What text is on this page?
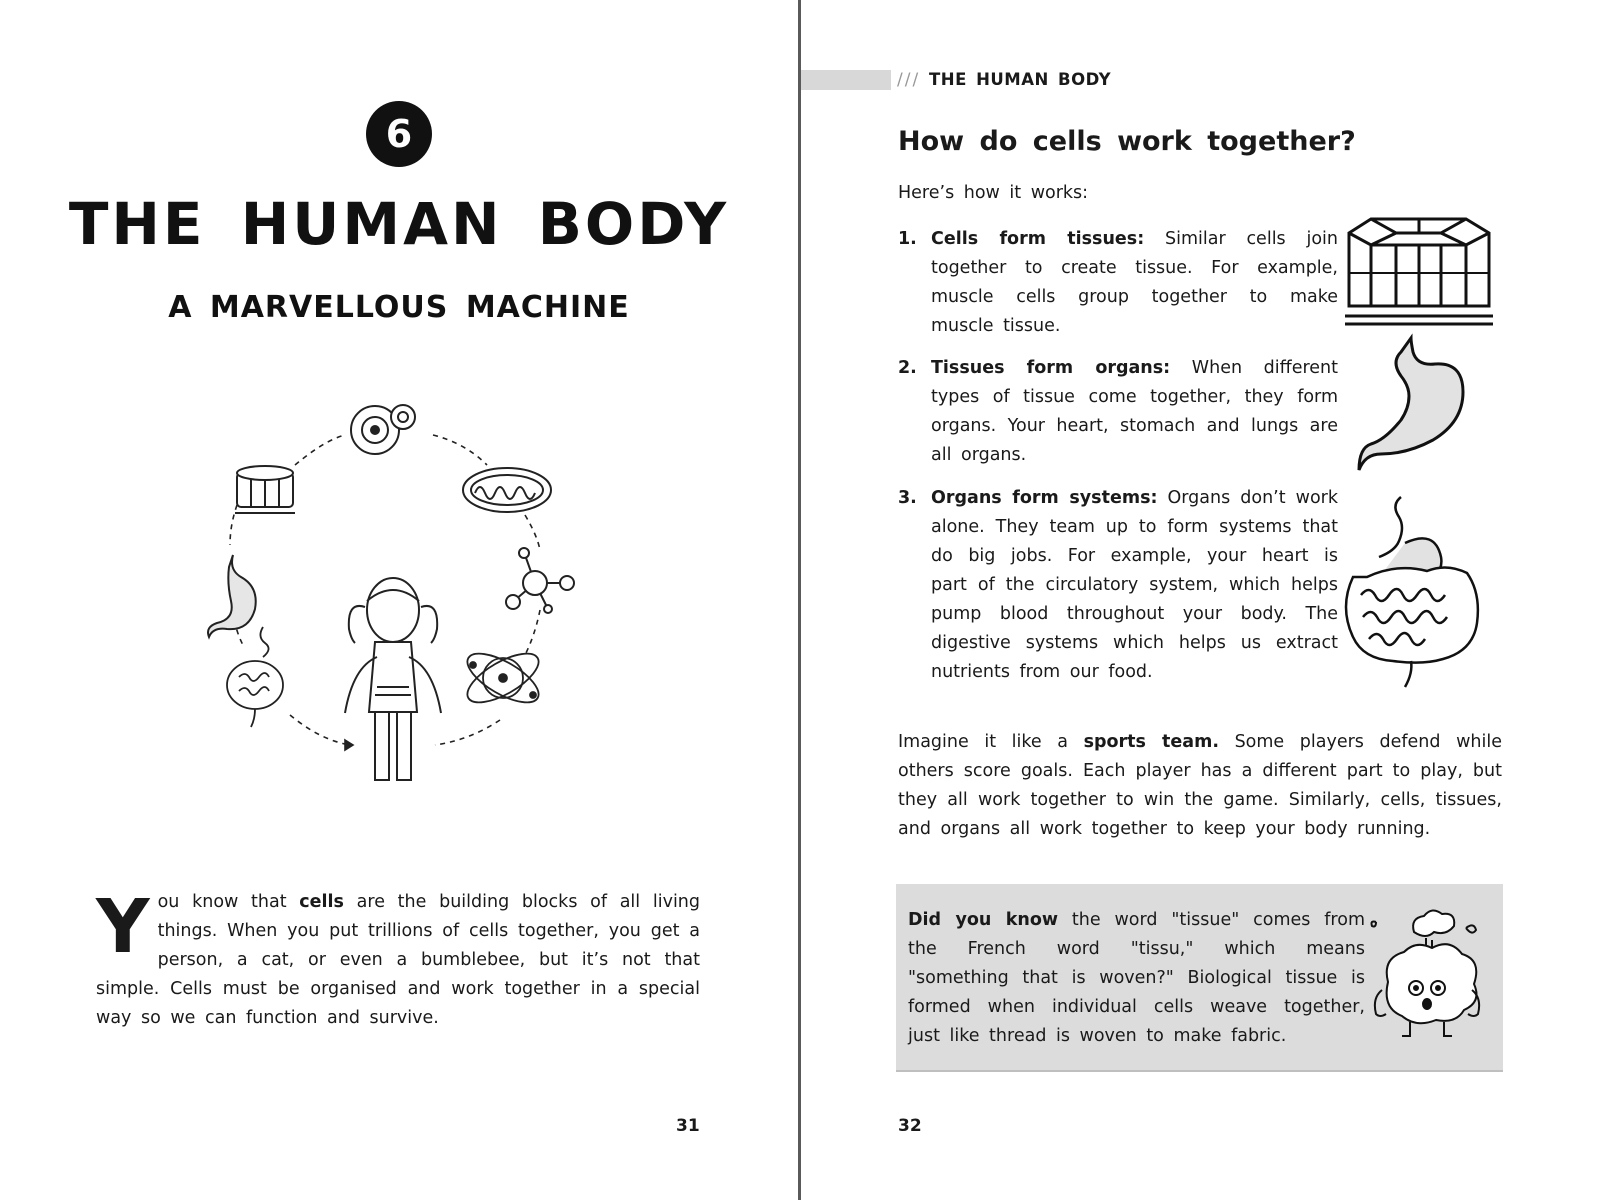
6
THE HUMAN BODY
A MARVELLOUS MACHINE
You know that cells are the building blocks of all living things. When you put trillions of cells together, you get a person, a cat, or even a bumblebee, but it’s not that simple. Cells must be organised and work together in a special way so we can function and survive.
31
/// THE HUMAN BODY
How do cells work together?
Here’s how it works:
1. Cells form tissues: Similar cells join together to create tissue. For example, muscle cells group together to make muscle tissue.
2. Tissues form organs: When different types of tissue come together, they form organs. Your heart, stomach and lungs are all organs.
3. Organs form systems: Organs don’t work alone. They team up to form systems that do big jobs. For example, your heart is part of the circulatory system, which helps pump blood throughout your body. The digestive systems which helps us extract nutrients from our food.
Imagine it like a sports team. Some players defend while others score goals. Each player has a different part to play, but they all work together to win the game. Similarly, cells, tissues, and organs all work together to keep your body running.
Did you know the word "tissue" comes from the French word "tissu," which means "something that is woven?" Biological tissue is formed when individual cells weave together, just like thread is woven to make fabric.
32
